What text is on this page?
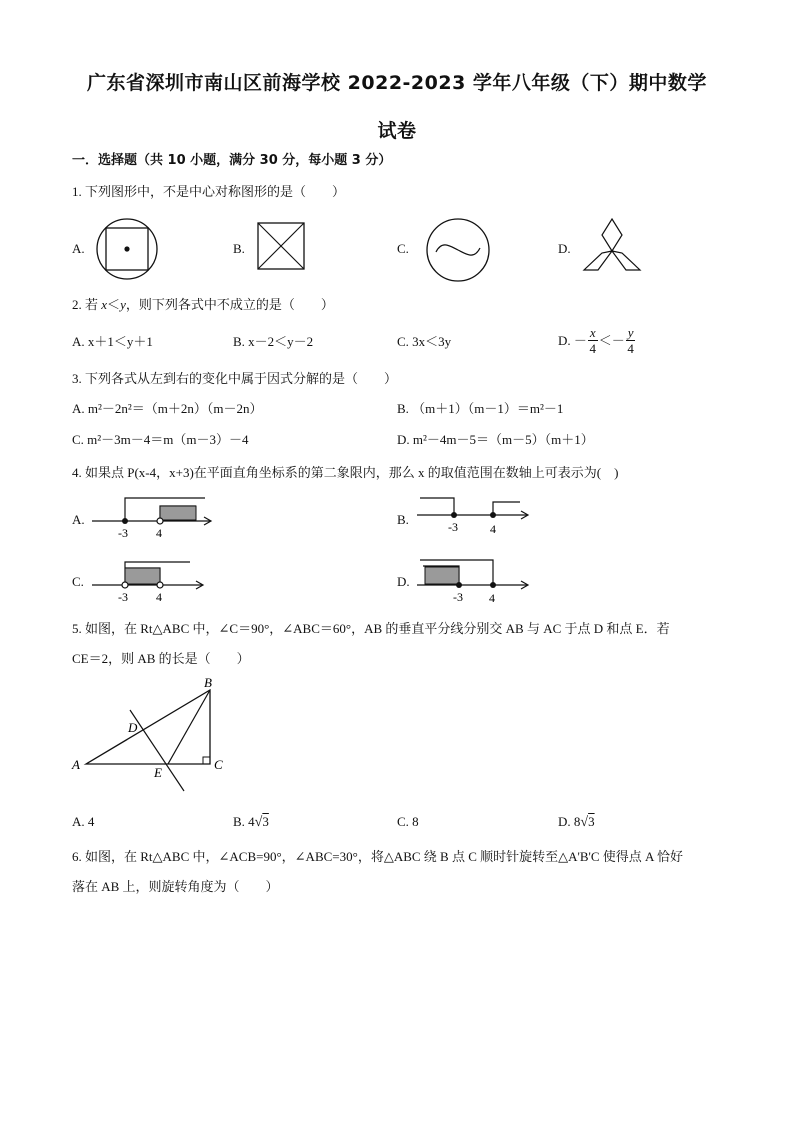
广东省深圳市南山区前海学校 2022-2023 学年八年级（下）期中数学
试卷
一．选择题（共 10 小题，满分 30 分，每小题 3 分）
1. 下列图形中，不是中心对称图形的是（　　）
A.	B.	C.	D.
2. 若 x＜y，则下列各式中不成立的是（　　）
A. x＋1＜y＋1	B. x－2＜y－2	C. 3x＜3y	D. － $\frac{x}{4} <- \frac{y}{4}$
3. 下列各式从左到右的变化中属于因式分解的是（　　）
A. m²－2n²＝（m＋2n）（m－2n）	B. （m＋1）（m－1）＝m²－1
C. m²－3m－4＝m（m－3）－4	D. m²－4m－5＝（m－5）（m＋1）
4. 如果点 P(x-4，x+3)在平面直角坐标系的第二象限内，那么 x 的取值范围在数轴上可表示为(　)
A.
-3 4
B.	-3	4
C.
-3 4
D.
-3 4
5. 如图，在 Rt△ABC 中，∠C＝90°，∠ABC＝60°，AB 的垂直平分线分别交 AB 与 AC 于点 D 和点 E．若
CE＝2，则 AB 的长是（　　）
A
B
C
D
E
A. 4	B. 4√3	C. 8	D. 8√3
6. 如图，在 Rt△ABC 中，∠ACB=90°，∠ABC=30°，将△ABC 绕 B 点 C 顺时针旋转至△A'B'C 使得点 A 恰好
落在 AB 上，则旋转角度为（　　）
